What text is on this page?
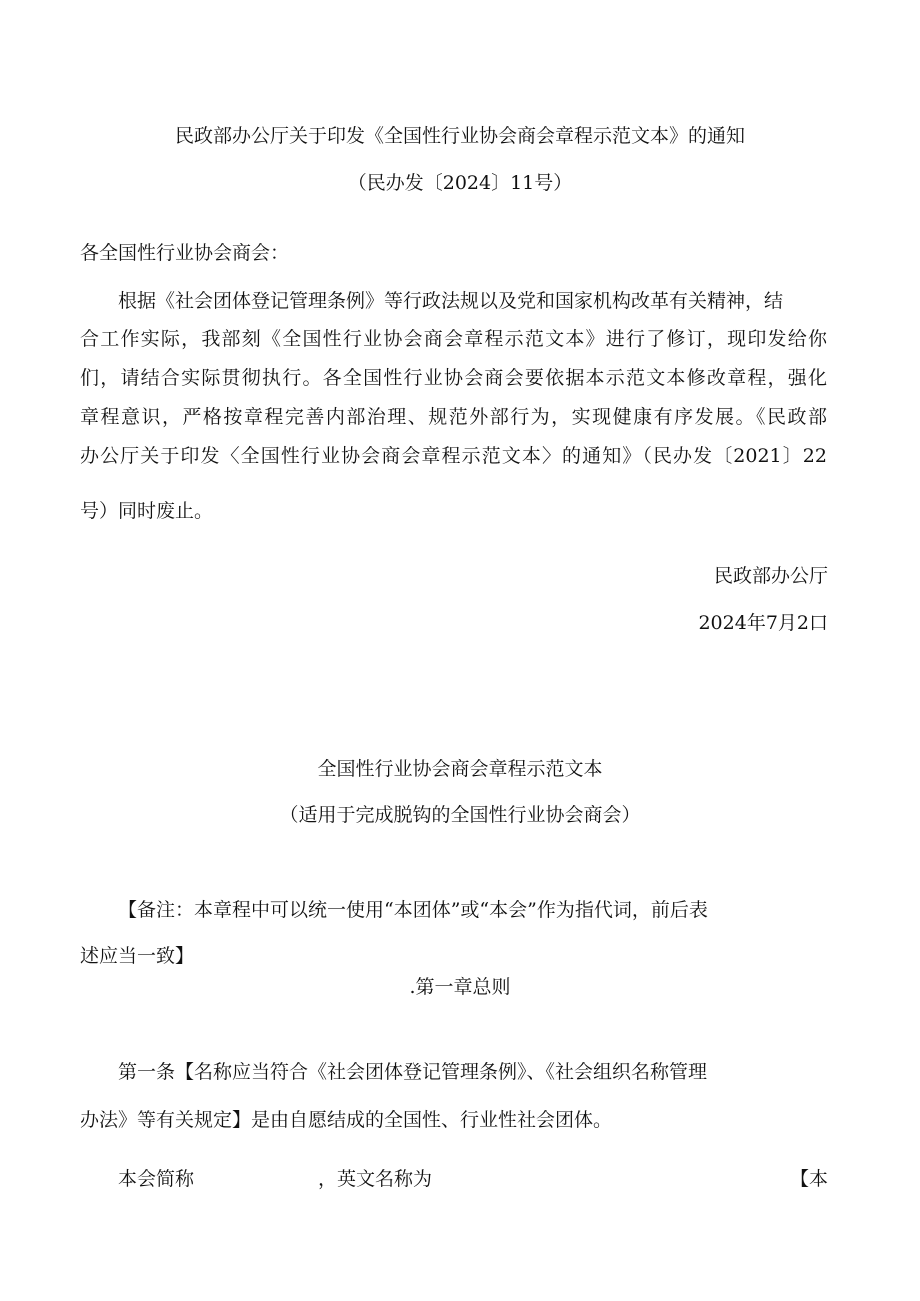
民政部办公厅关于印发《全国性行业协会商会章程示范文本》的通知
（民办发〔2024〕11号）
各全国性行业协会商会：
根据《社会团体登记管理条例》等行政法规以及党和国家机构改革有关精神，结
合工作实际，我部刻《全国性行业协会商会章程示范文本》进行了修订，现印发给你
们，请结合实际贯彻执行。各全国性行业协会商会要依据本示范文本修改章程，强化
章程意识，严格按章程完善内部治理、规范外部行为，实现健康有序发展。《民政部
办公厅关于印发〈全国性行业协会商会章程示范文本〉的通知》（民办发〔2021〕22
号）同时废止。
民政部办公厅
2024年7月2口
全国性行业协会商会章程示范文本
（适用于完成脱钩的全国性行业协会商会）
【备注：本章程中可以统一使用“本团体”或“本会”作为指代词，前后表
述应当一致】
.第一章总则
第一条【名称应当符合《社会团体登记管理条例》、《社会组织名称管理
办法》等有关规定】是由自愿结成的全国性、行业性社会团体。
本会简称	，英文名称为	【本
